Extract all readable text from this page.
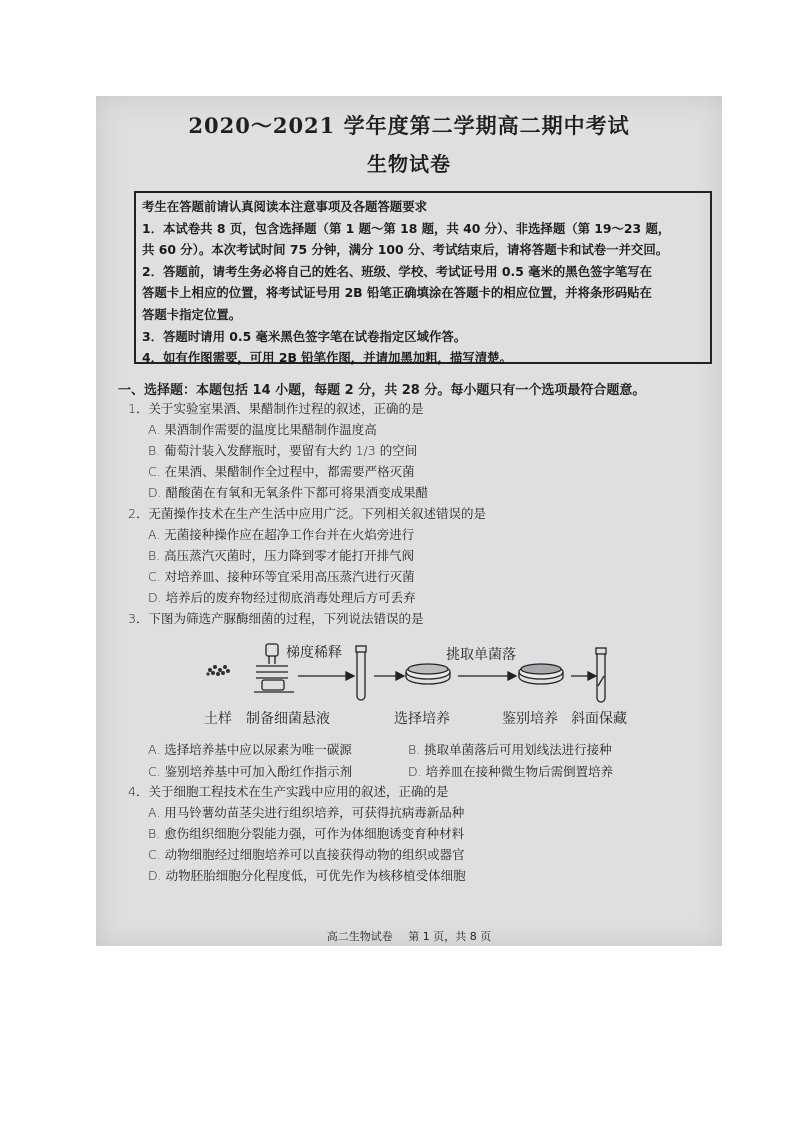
2020～2021 学年度第二学期高二期中考试
生物试卷
考生在答题前请认真阅读本注意事项及各题答题要求
1．本试卷共 8 页，包含选择题（第 1 题～第 18 题，共 40 分）、非选择题（第 19～23 题，
共 60 分）。本次考试时间 75 分钟，满分 100 分、考试结束后，请将答题卡和试卷一并交回。
2．答题前，请考生务必将自己的姓名、班级、学校、考试证号用 0.5 毫米的黑色签字笔写在
答题卡上相应的位置，将考试证号用 2B 铅笔正确填涂在答题卡的相应位置，并将条形码贴在
答题卡指定位置。
3．答题时请用 0.5 毫米黑色签字笔在试卷指定区域作答。
4．如有作图需要，可用 2B 铅笔作图，并请加黑加粗，描写清楚。
一、选择题：本题包括 14 小题，每题 2 分，共 28 分。每小题只有一个选项最符合题意。
1．关于实验室果酒、果醋制作过程的叙述，正确的是
A. 果酒制作需要的温度比果醋制作温度高
B. 葡萄汁装入发酵瓶时，要留有大约 1/3 的空间
C. 在果酒、果醋制作全过程中，都需要严格灭菌
D. 醋酸菌在有氧和无氧条件下都可将果酒变成果醋
2．无菌操作技术在生产生活中应用广泛。下列相关叙述错误的是
A. 无菌接种操作应在超净工作台并在火焰旁进行
B. 高压蒸汽灭菌时，压力降到零才能打开排气阀
C. 对培养皿、接种环等宜采用高压蒸汽进行灭菌
D. 培养后的废弃物经过彻底消毒处理后方可丢弃
3．下图为筛选产脲酶细菌的过程，下列说法错误的是
梯度稀释	挑取单菌落
土样 制备细菌悬液	选择培养	鉴别培养 斜面保藏
A. 选择培养基中应以尿素为唯一碳源	B. 挑取单菌落后可用划线法进行接种
C. 鉴别培养基中可加入酚红作指示剂	D. 培养皿在接种微生物后需倒置培养
4．关于细胞工程技术在生产实践中应用的叙述，正确的是
A. 用马铃薯幼苗茎尖进行组织培养，可获得抗病毒新品种
B. 愈伤组织细胞分裂能力强，可作为体细胞诱变育种材料
C. 动物细胞经过细胞培养可以直接获得动物的组织或器官
D. 动物胚胎细胞分化程度低，可优先作为核移植受体细胞
高二生物试卷 第 1 页，共 8 页
